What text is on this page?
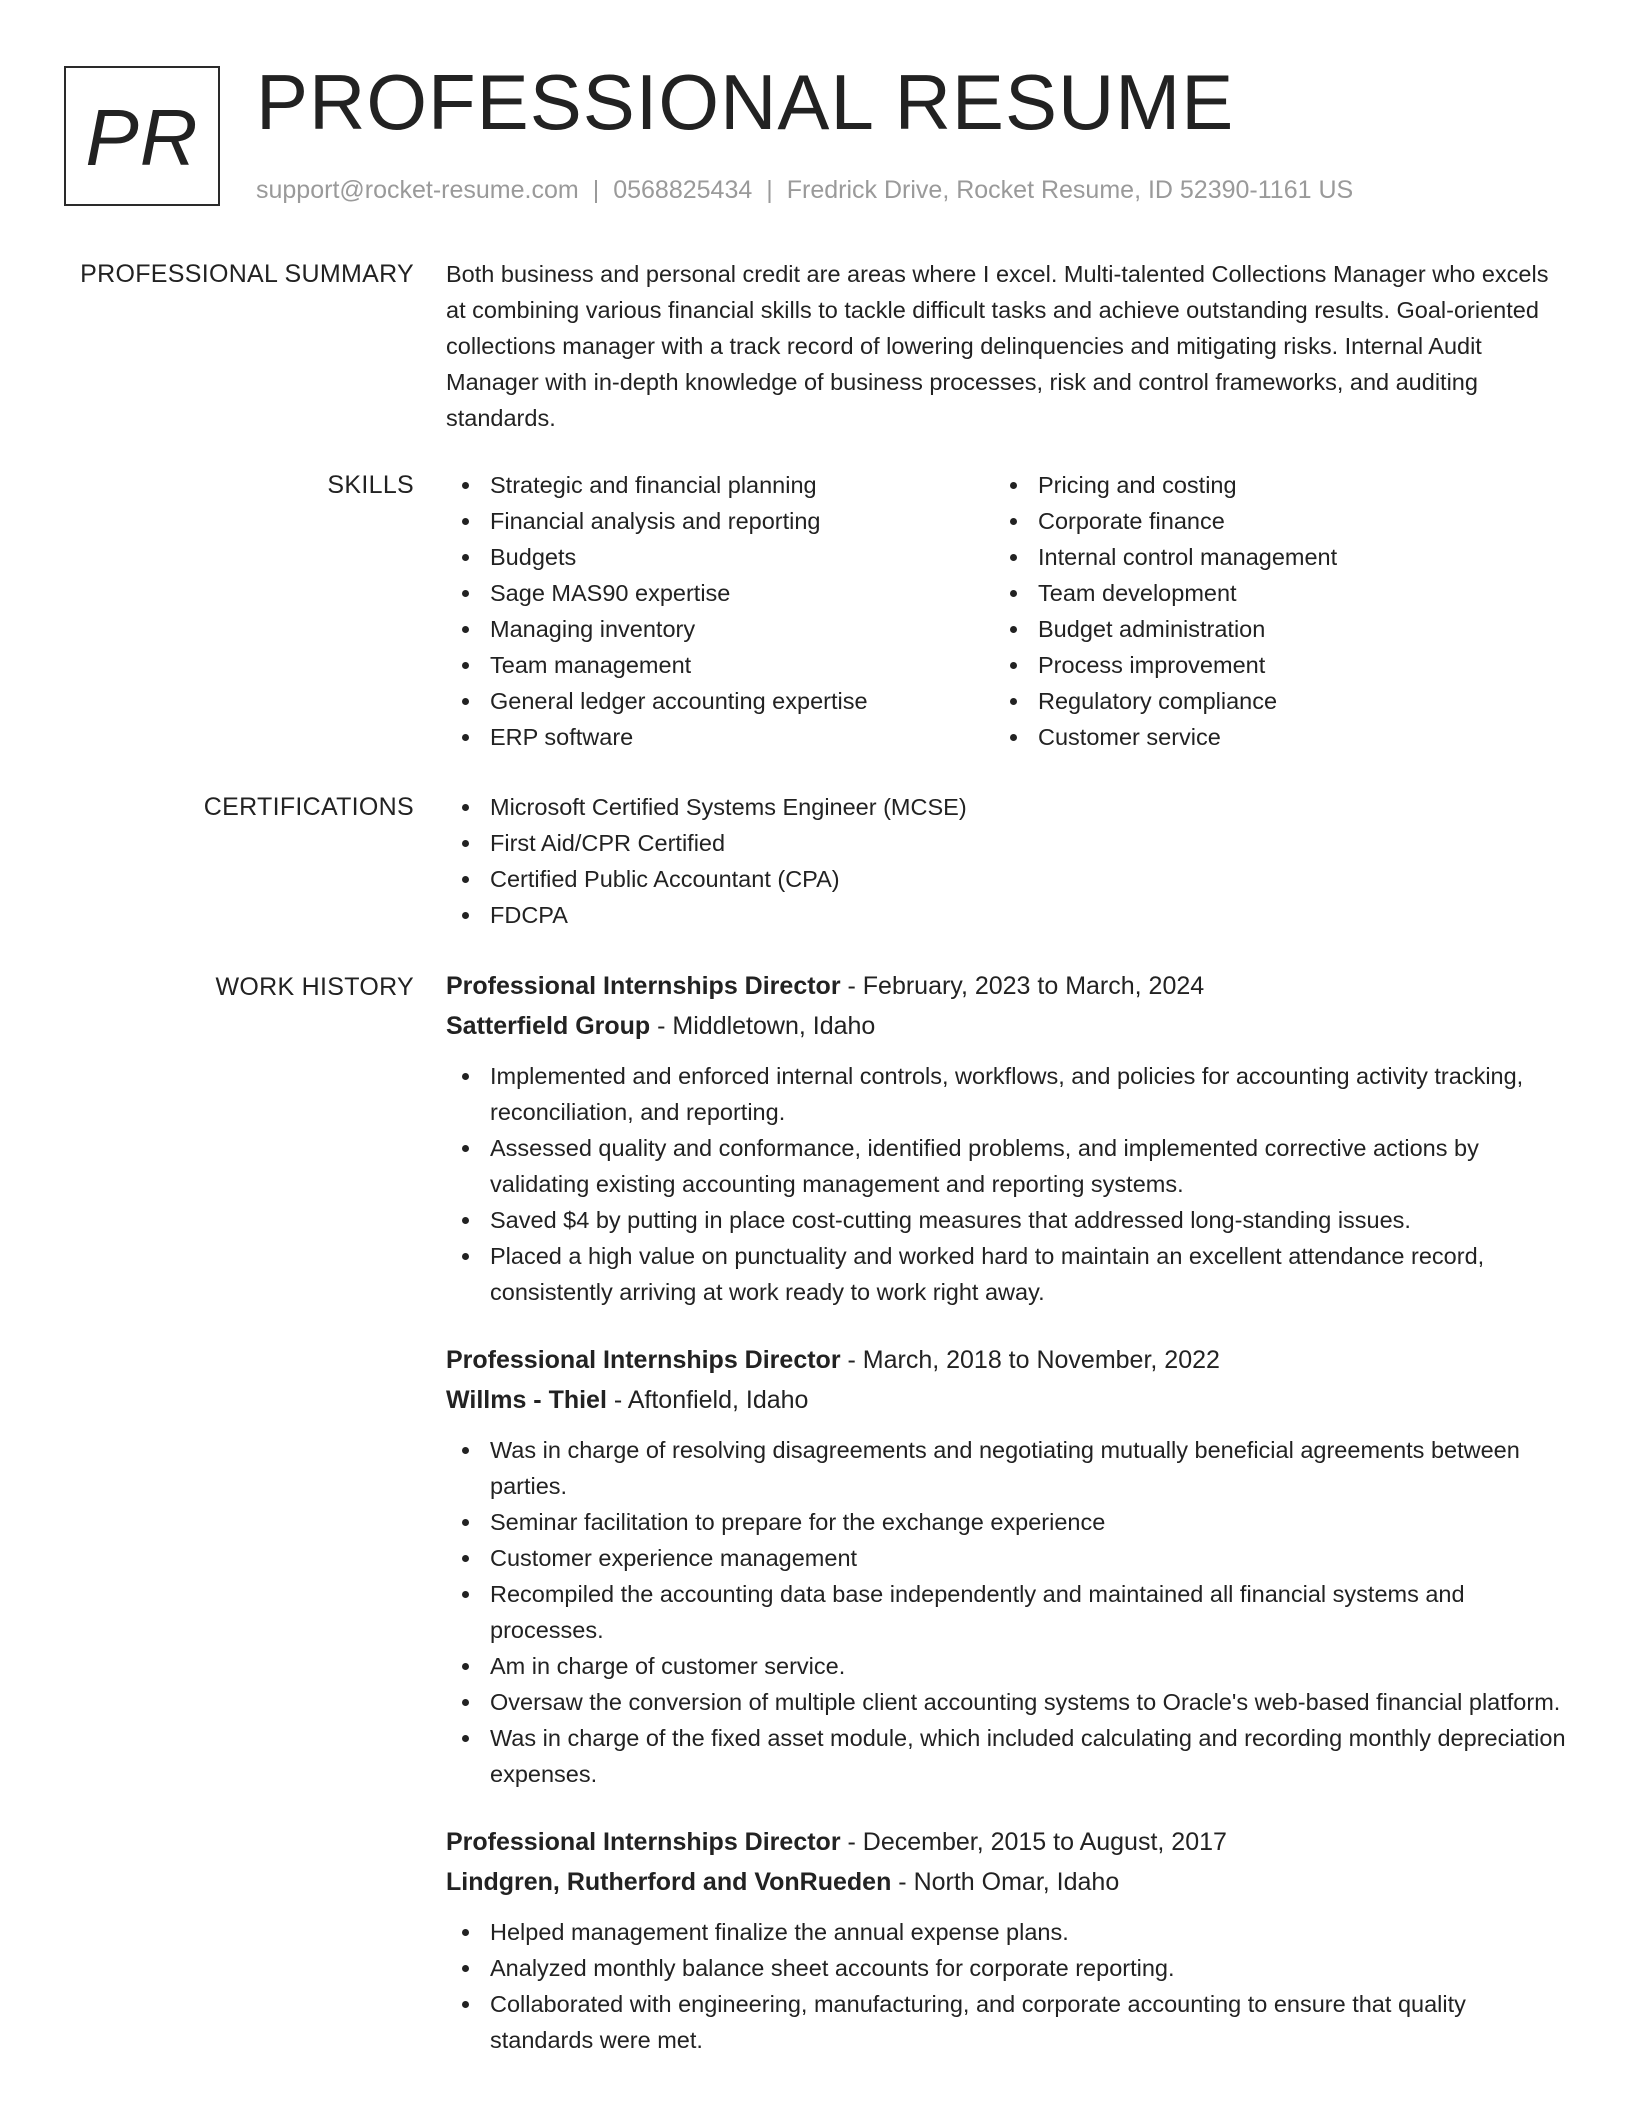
PR PROFESSIONAL RESUME
support@rocket-resume.com | 0568825434 | Fredrick Drive, Rocket Resume, ID 52390-1161 US
PROFESSIONAL SUMMARY Both business and personal credit are areas where I excel. Multi-talented Collections Manager who excels at combining various financial skills to tackle difficult tasks and achieve outstanding results. Goal-oriented collections manager with a track record of lowering delinquencies and mitigating risks. Internal Audit Manager with in-depth knowledge of business processes, risk and control frameworks, and auditing standards.
SKILLS	Strategic and financial planning
Financial analysis and reporting
Budgets
Sage MAS90 expertise
Managing inventory
Team management
General ledger accounting expertise
ERP software
Pricing and costing
Corporate finance
Internal control management
Team development
Budget administration
Process improvement
Regulatory compliance
Customer service
CERTIFICATIONS	Microsoft Certified Systems Engineer (MCSE)
First Aid/CPR Certified
Certified Public Accountant (CPA)
FDCPA
WORK HISTORY Professional Internships Director - February, 2023 to March, 2024
Satterfield Group - Middletown, Idaho
Implemented and enforced internal controls, workflows, and policies for accounting activity tracking, reconciliation, and reporting.
Assessed quality and conformance, identified problems, and implemented corrective actions by validating existing accounting management and reporting systems.
Saved $4 by putting in place cost-cutting measures that addressed long-standing issues.
Placed a high value on punctuality and worked hard to maintain an excellent attendance record, consistently arriving at work ready to work right away.
Professional Internships Director - March, 2018 to November, 2022
Willms - Thiel - Aftonfield, Idaho
Was in charge of resolving disagreements and negotiating mutually beneficial agreements between parties.
Seminar facilitation to prepare for the exchange experience
Customer experience management
Recompiled the accounting data base independently and maintained all financial systems and processes.
Am in charge of customer service.
Oversaw the conversion of multiple client accounting systems to Oracle's web-based financial platform.
Was in charge of the fixed asset module, which included calculating and recording monthly depreciation expenses.
Professional Internships Director - December, 2015 to August, 2017
Lindgren, Rutherford and VonRueden - North Omar, Idaho
Helped management finalize the annual expense plans.
Analyzed monthly balance sheet accounts for corporate reporting.
Collaborated with engineering, manufacturing, and corporate accounting to ensure that quality standards were met.
